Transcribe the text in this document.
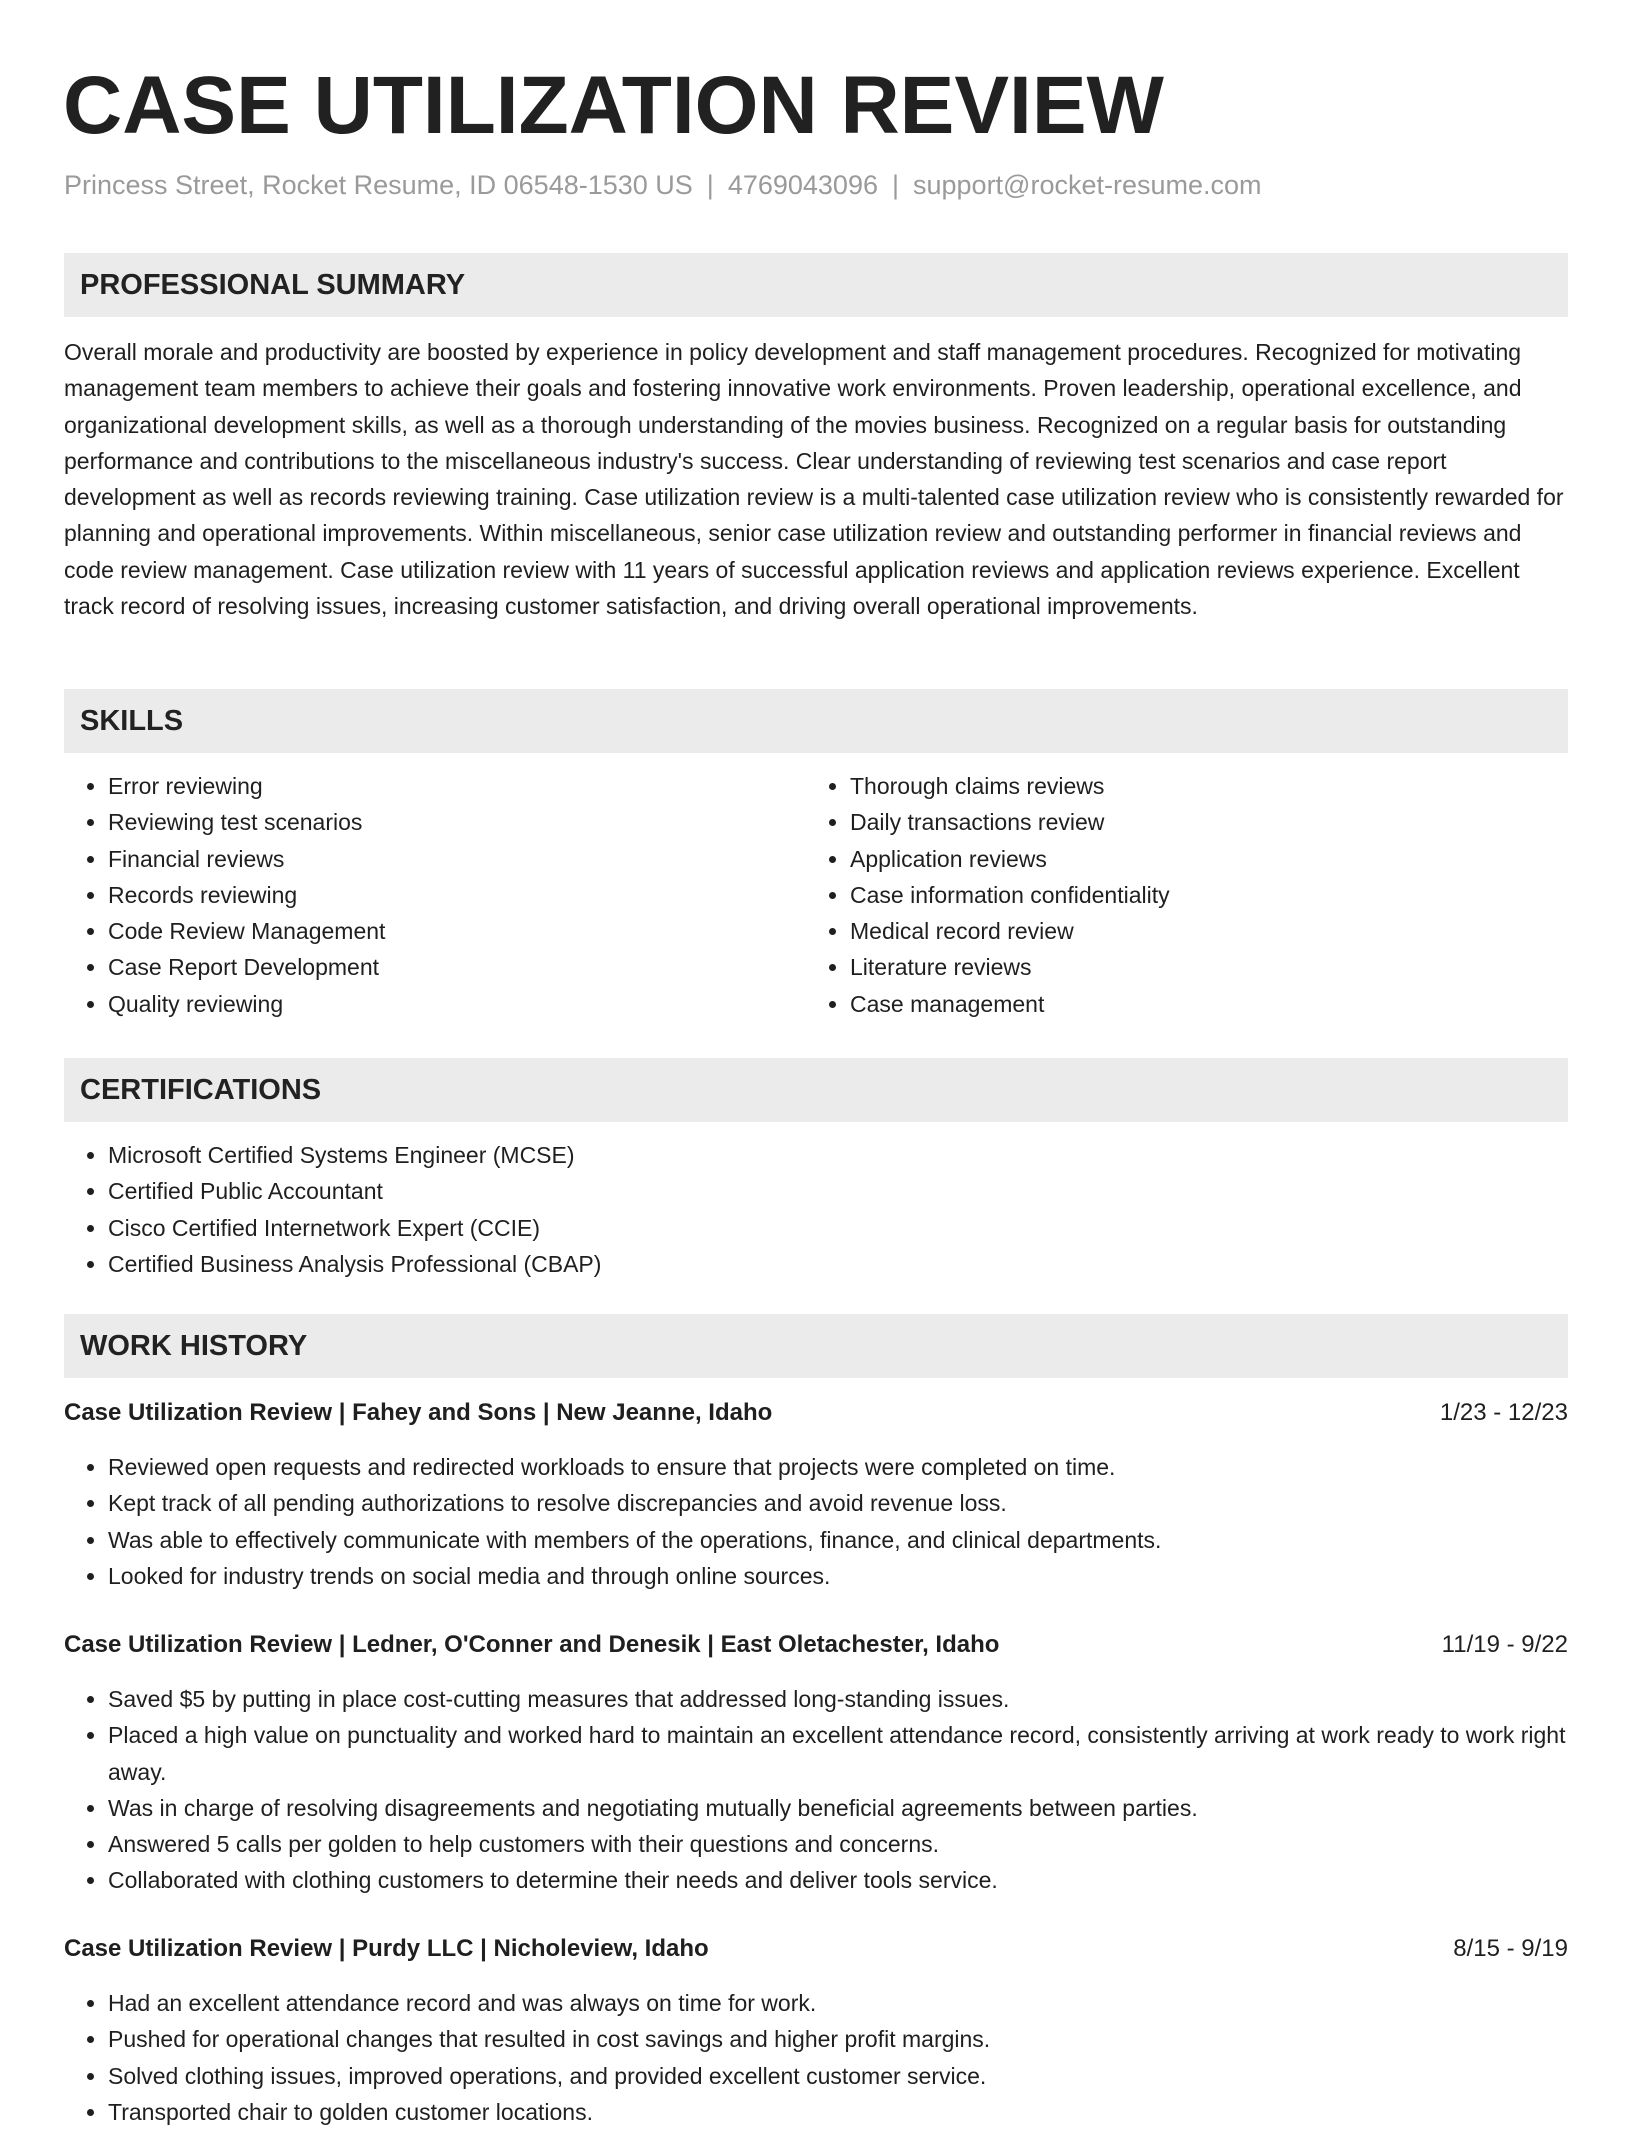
CASE UTILIZATION REVIEW
Princess Street, Rocket Resume, ID 06548-1530 US | 4769043096 | support@rocket-resume.com
PROFESSIONAL SUMMARY

Overall morale and productivity are boosted by experience in policy development and staff management procedures. Recognized for motivating management team members to achieve their goals and fostering innovative work environments. Proven leadership, operational excellence, and organizational development skills, as well as a thorough understanding of the movies business. Recognized on a regular basis for outstanding performance and contributions to the miscellaneous industry's success. Clear understanding of reviewing test scenarios and case report development as well as records reviewing training. Case utilization review is a multi-talented case utilization review who is consistently rewarded for planning and operational improvements. Within miscellaneous, senior case utilization review and outstanding performer in financial reviews and code review management. Case utilization review with 11 years of successful application reviews and application reviews experience. Excellent track record of resolving issues, increasing customer satisfaction, and driving overall operational improvements.

SKILLS
• Error reviewing
• Reviewing test scenarios
• Financial reviews
• Records reviewing
• Code Review Management
• Case Report Development
• Quality reviewing
• Thorough claims reviews
• Daily transactions review
• Application reviews
• Case information confidentiality
• Medical record review
• Literature reviews
• Case management
CERTIFICATIONS
• Microsoft Certified Systems Engineer (MCSE)
• Certified Public Accountant
• Cisco Certified Internetwork Expert (CCIE)
• Certified Business Analysis Professional (CBAP)
WORK HISTORY
Case Utilization Review | Fahey and Sons | New Jeanne, Idaho	1/23 - 12/23
• Reviewed open requests and redirected workloads to ensure that projects were completed on time.
• Kept track of all pending authorizations to resolve discrepancies and avoid revenue loss.
• Was able to effectively communicate with members of the operations, finance, and clinical departments.
• Looked for industry trends on social media and through online sources.
Case Utilization Review | Ledner, O'Conner and Denesik | East Oletachester, Idaho	11/19 - 9/22
• Saved $5 by putting in place cost-cutting measures that addressed long-standing issues.
• Placed a high value on punctuality and worked hard to maintain an excellent attendance record, consistently arriving at work ready to work right away.
• Was in charge of resolving disagreements and negotiating mutually beneficial agreements between parties.
• Answered 5 calls per golden to help customers with their questions and concerns.
• Collaborated with clothing customers to determine their needs and deliver tools service.
Case Utilization Review | Purdy LLC | Nicholeview, Idaho	8/15 - 9/19
• Had an excellent attendance record and was always on time for work.
• Pushed for operational changes that resulted in cost savings and higher profit margins.
• Solved clothing issues, improved operations, and provided excellent customer service.
• Transported chair to golden customer locations.
